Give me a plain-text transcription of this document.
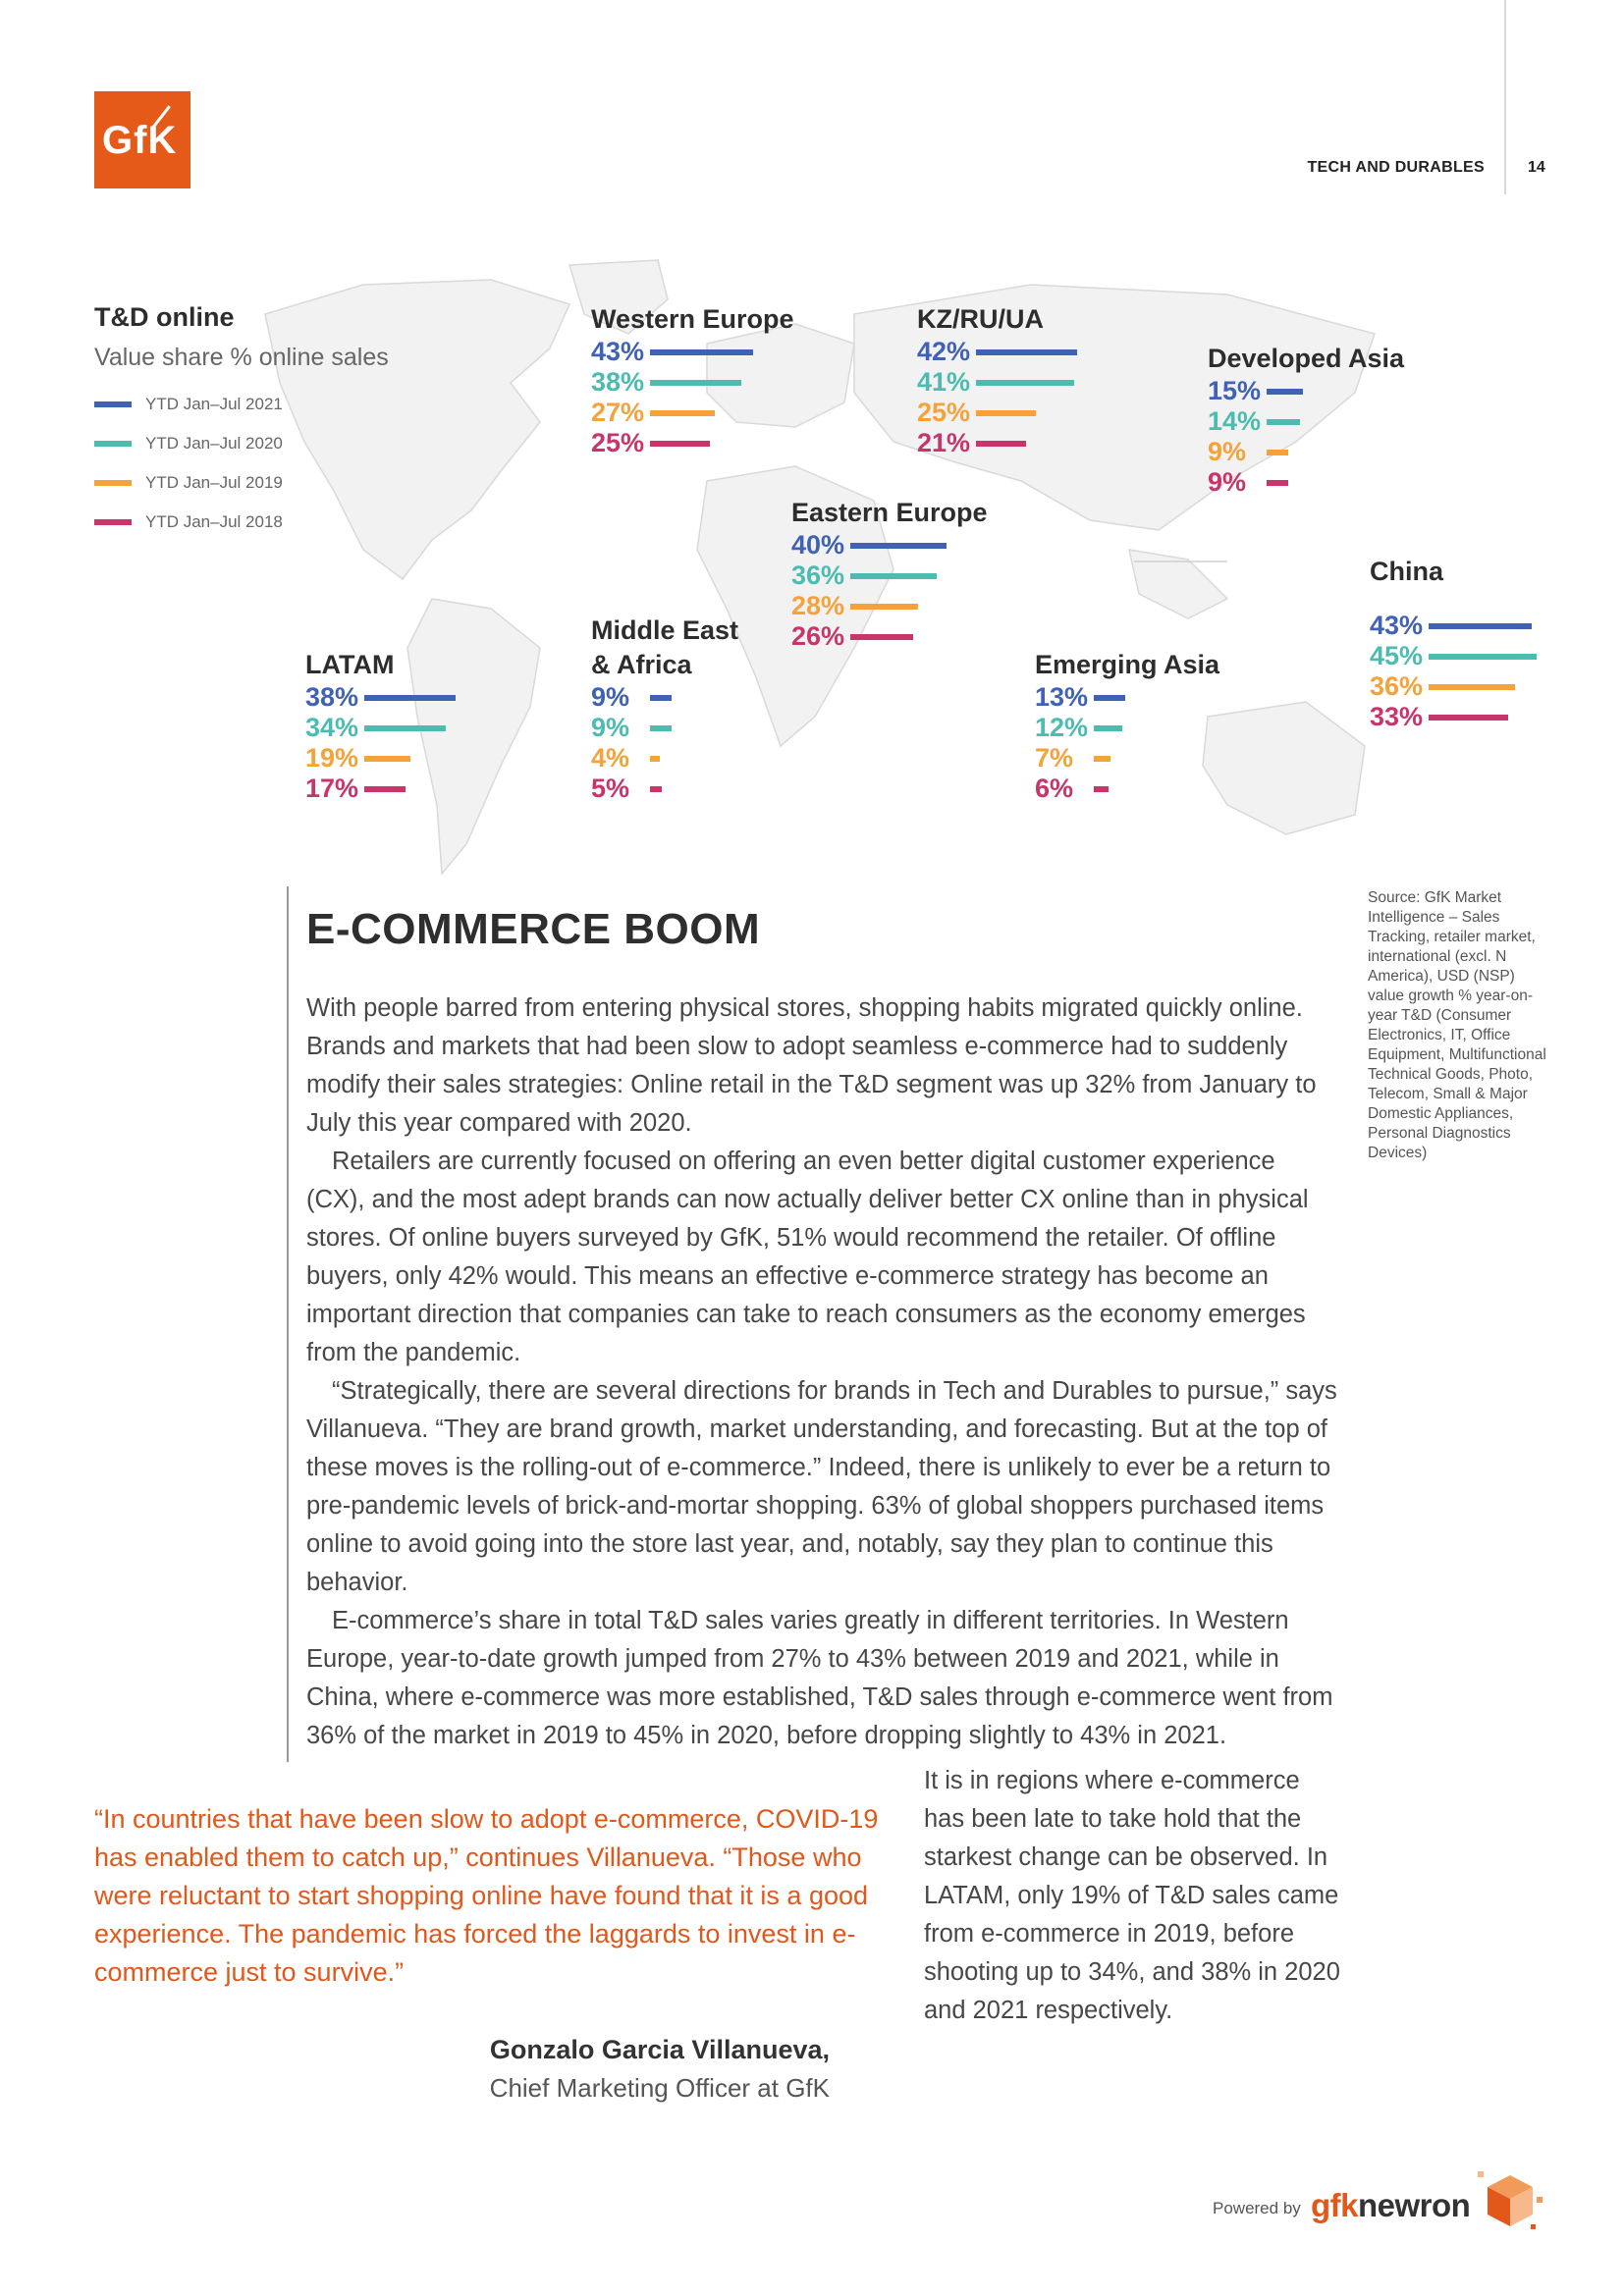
GfK
TECH AND DURABLES	14
T&D online
Value share % online sales
YTD Jan–Jul 2021
YTD Jan–Jul 2020
YTD Jan–Jul 2019
YTD Jan–Jul 2018
Western Europe
43%
38%
27%
25%
KZ/RU/UA
42%
41%
25%
21%
Developed Asia
15%
14%
9%
9%
Eastern Europe
40%
36%
28%
26%
China
43%
45%
36%
33%
Middle East
& Africa
9%
9%
4%
5%
LATAM
38%
34%
19%
17%
Emerging Asia
13%
12%
7%
6%
E-COMMERCE BOOM

With people barred from entering physical stores, shopping habits migrated quickly online. Brands and markets that had been slow to adopt seamless e-commerce had to suddenly modify their sales strategies: Online retail in the T&D segment was up 32% from January to July this year compared with 2020.

Retailers are currently focused on offering an even better digital customer experience (CX), and the most adept brands can now actually deliver better CX online than in physical stores. Of online buyers surveyed by GfK, 51% would recommend the retailer. Of offline buyers, only 42% would. This means an effective e-commerce strategy has become an important direction that companies can take to reach consumers as the economy emerges from the pandemic.

“Strategically, there are several directions for brands in Tech and Durables to pursue,” says Villanueva. “They are brand growth, market understanding, and forecasting. But at the top of these moves is the rolling-out of e-commerce.” Indeed, there is unlikely to ever be a return to pre-pandemic levels of brick-and-mortar shopping. 63% of global shoppers purchased items online to avoid going into the store last year, and, notably, say they plan to continue this behavior.

E-commerce’s share in total T&D sales varies greatly in different territories. In Western Europe, year-to-date growth jumped from 27% to 43% between 2019 and 2021, while in China, where e-commerce was more established, T&D sales through e-commerce went from 36% of the market in 2019 to 45% in 2020, before dropping slightly to 43% in 2021.

It is in regions where e-commerce has been late to take hold that the starkest change can be observed. In LATAM, only 19% of T&D sales came from e-commerce in 2019, before shooting up to 34%, and 38% in 2020 and 2021 respectively.
Source: GfK Market Intelligence – Sales Tracking, retailer market, international (excl. N America), USD (NSP) value growth % year-on-year T&D (Consumer Electronics, IT, Office Equipment, Multifunctional Technical Goods, Photo, Telecom, Small & Major Domestic Appliances, Personal Diagnostics Devices)
“In countries that have been slow to adopt e-commerce, COVID-19 has enabled them to catch up,” continues Villanueva. “Those who were reluctant to start shopping online have found that it is a good experience. The pandemic has forced the laggards to invest in e-commerce just to survive.”
Gonzalo Garcia Villanueva,
Chief Marketing Officer at GfK
Powered by gfknewron
